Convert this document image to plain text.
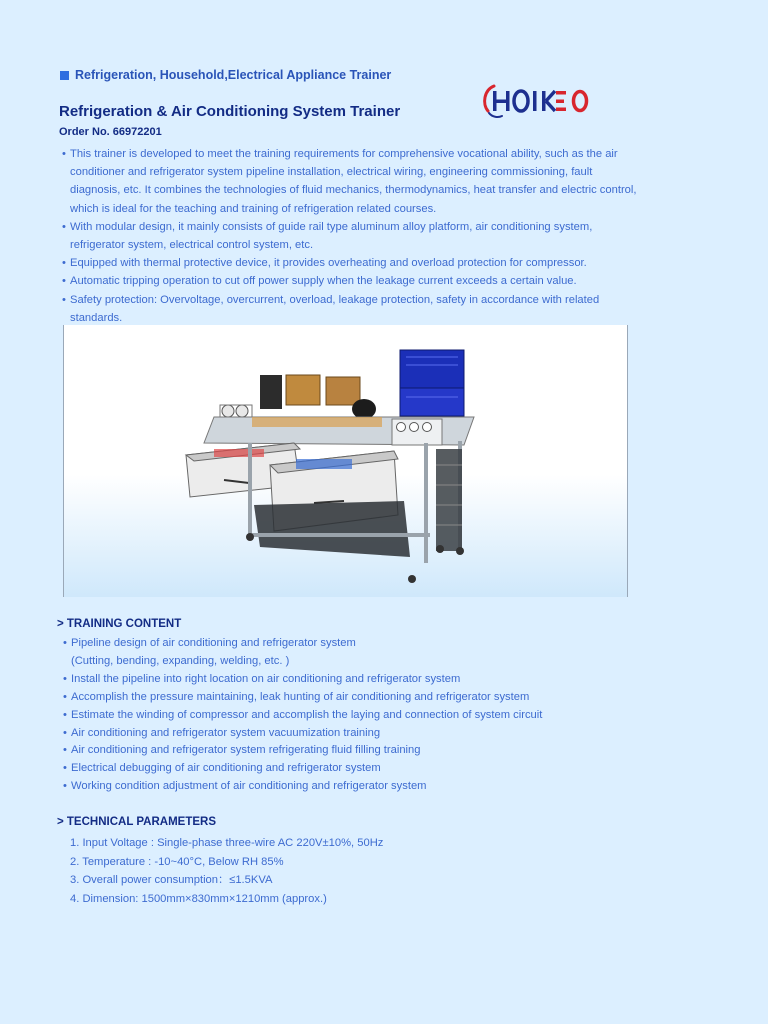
Refrigeration, Household,Electrical Appliance Trainer
Refrigeration & Air Conditioning System Trainer
Order No. 66972201
• This trainer is developed to meet the training requirements for comprehensive vocational ability, such as the air conditioner and refrigerator system pipeline installation, electrical wiring, engineering commissioning, fault diagnosis, etc. It combines the technologies of fluid mechanics, thermodynamics, heat transfer and electric control, which is ideal for the teaching and training of refrigeration related courses.
• With modular design, it mainly consists of guide rail type aluminum alloy platform, air conditioning system, refrigerator system, electrical control system, etc.
• Equipped with thermal protective device, it provides overheating and overload protection for compressor.
• Automatic tripping operation to cut off power supply when the leakage current exceeds a certain value.
• Safety protection: Overvoltage, overcurrent, overload, leakage protection, safety in accordance with related standards.
> TRAINING CONTENT
• Pipeline design of air conditioning and refrigerator system
(Cutting, bending, expanding, welding, etc. )
• Install the pipeline into right location on air conditioning and refrigerator system
• Accomplish the pressure maintaining, leak hunting of air conditioning and refrigerator system
• Estimate the winding of compressor and accomplish the laying and connection of system circuit
• Air conditioning and refrigerator system vacuumization training
• Air conditioning and refrigerator system refrigerating fluid filling training
• Electrical debugging of air conditioning and refrigerator system
• Working condition adjustment of air conditioning and refrigerator system
> TECHNICAL PARAMETERS
1. Input Voltage : Single-phase three-wire AC 220V±10%, 50Hz
2. Temperature : -10~40°C, Below RH 85%
3. Overall power consumption：≤1.5KVA
4. Dimension: 1500mm×830mm×1210mm (approx.)
